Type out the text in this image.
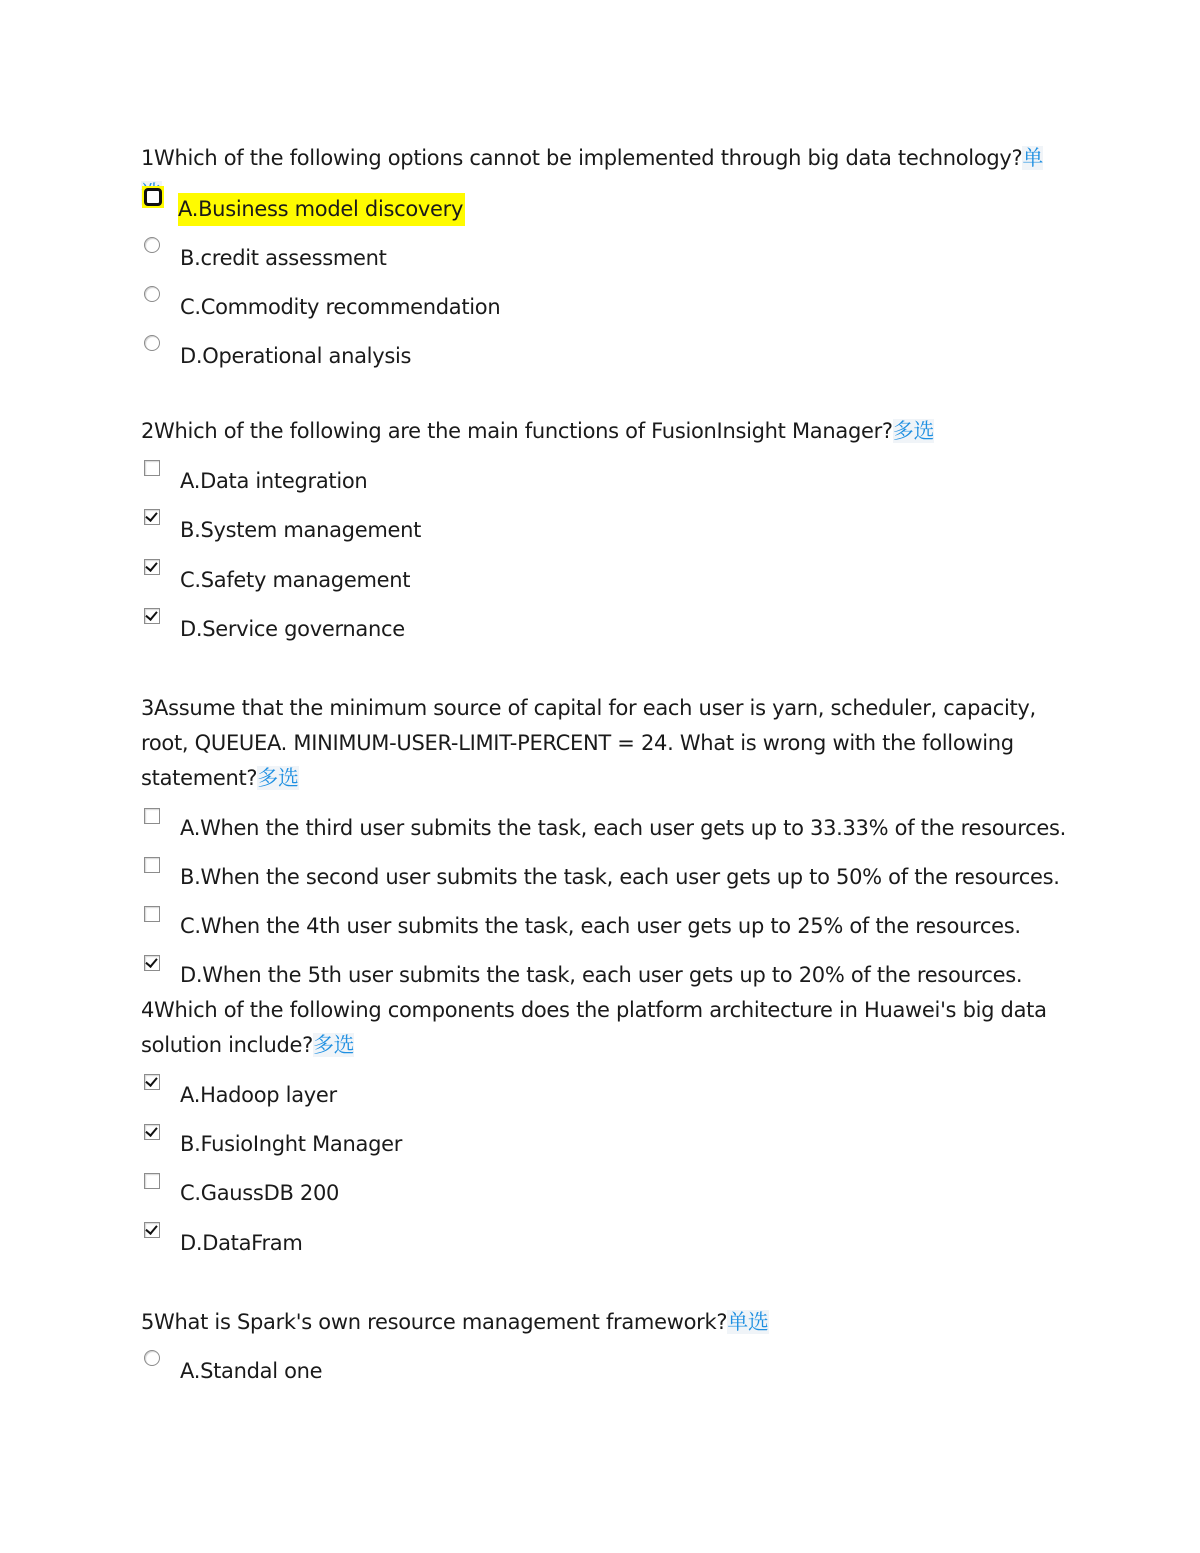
1Which of the following options cannot be implemented through big data technology?单
A.Business model discovery
B.credit assessment
C.Commodity recommendation
D.Operational analysis
2Which of the following are the main functions of FusionInsight Manager?多选
A.Data integration
B.System management
C.Safety management
D.Service governance
3Assume that the minimum source of capital for each user is yarn, scheduler, capacity, root, QUEUEA. MINIMUM-USER-LIMIT-PERCENT = 24. What is wrong with the following statement?多选
A.When the third user submits the task, each user gets up to 33.33% of the resources.
B.When the second user submits the task, each user gets up to 50% of the resources.
C.When the 4th user submits the task, each user gets up to 25% of the resources.
D.When the 5th user submits the task, each user gets up to 20% of the resources.
4Which of the following components does the platform architecture in Huawei's big data solution include?多选
A.Hadoop layer
B.FusioInght Manager
C.GaussDB 200
D.DataFram
5What is Spark's own resource management framework?单选
A.Standal one
